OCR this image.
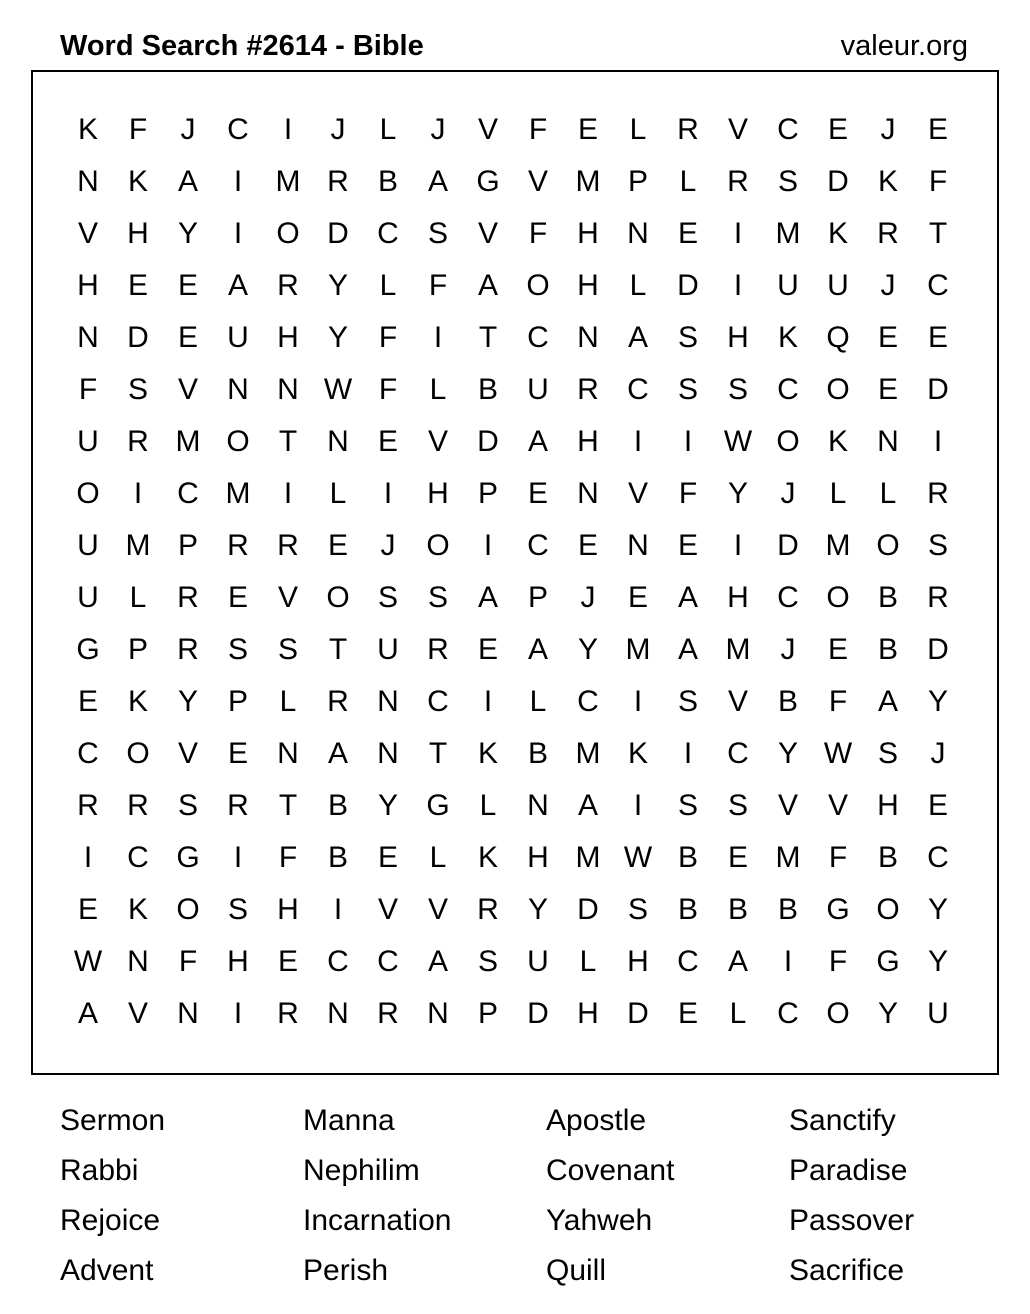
Word Search #2614 - Bible	valeur.org
K	F	J	C	I	J	L	J	V	F	E	L	R V C E	J	E
N K A	I	M R B A G V M P	L	R S D K	F
V H Y	I	O D C S V	F	H N E	I	M K R	T
H E E A R Y	L	F	A O H	L	D	I	U U	J	C
N D E U H Y	F	I	T	C N A S H K Q E E
F	S V N N W F	L	B U R C S S C O E D
U R M O T	N E V D A H	I	I	W O K N	I
O	I	C M	I	L	I	H P E N V	F	Y	J	L	L	R
U M P R R E	J	O	I	C E N E	I	D M O S
U	L	R E V O S S A P	J	E A H C O B R
G P R S S	T	U R E A Y M A M	J	E B D
E K Y P	L	R N C	I	L	C	I	S V B	F	A Y
C O V E N A N	T	K B M K	I	C Y W S	J
R R S R	T	B Y G L	N A	I	S S V V H E
I	C G	I	F	B E	L	K H M W B E M F	B C
E K O S H	I	V V R Y D S B B B G O Y
W N	F	H E C C A S U	L	H C A	I	F G Y
A V N	I	R N R N P D H D E	L	C O Y U
Sermon	Manna	Apostle	Sanctify
Rabbi	Nephilim	Covenant	Paradise
Rejoice	Incarnation	Yahweh	Passover
Advent	Perish	Quill	Sacrifice
